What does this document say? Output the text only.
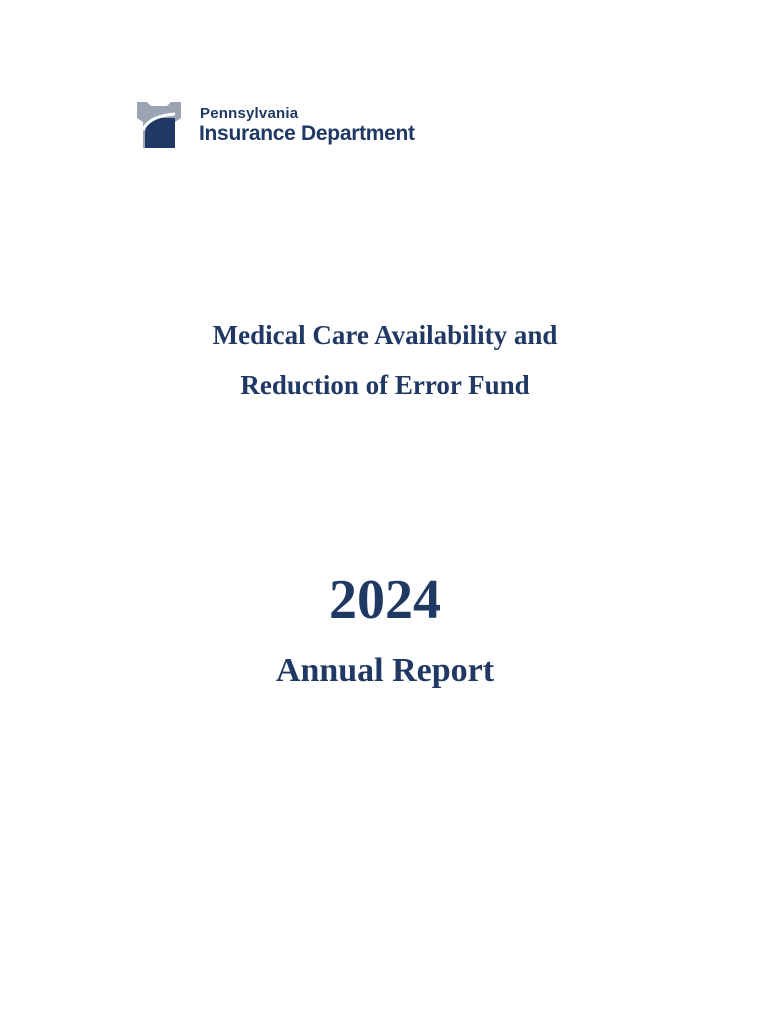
Pennsylvania
Insurance Department
Medical Care Availability and
Reduction of Error Fund
2024
Annual Report
